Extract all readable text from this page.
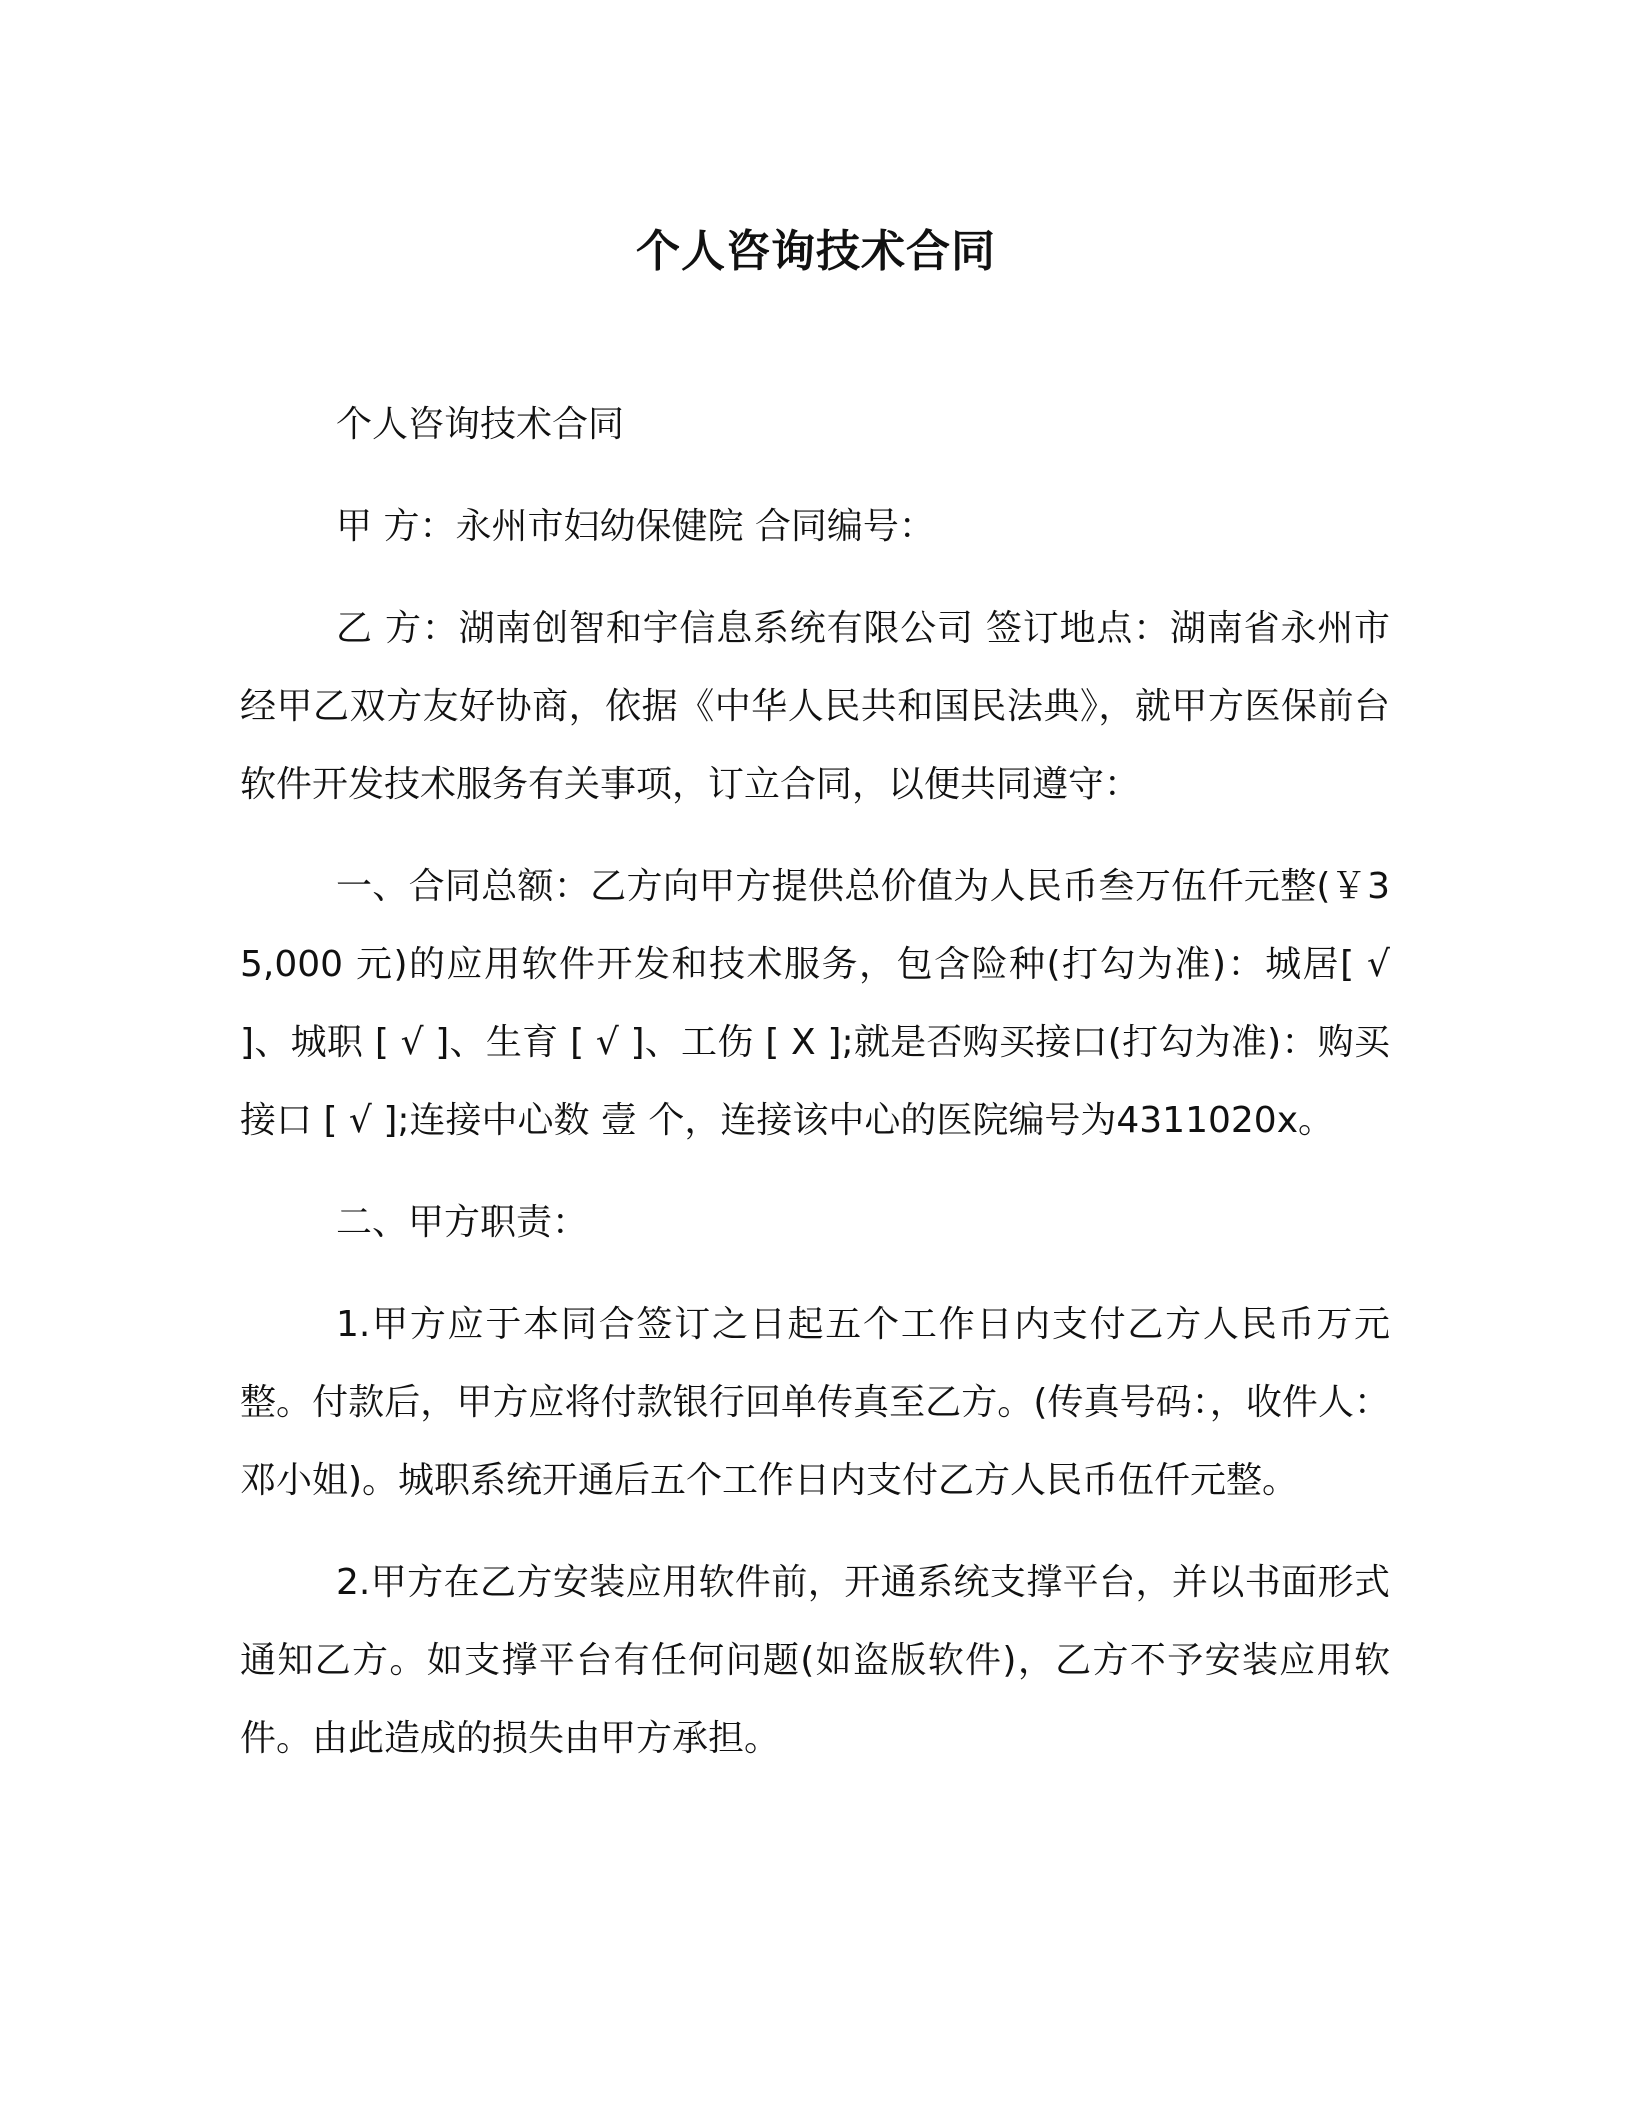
个人咨询技术合同

个人咨询技术合同

甲 方：永州市妇幼保健院 合同编号：

乙 方：湖南创智和宇信息系统有限公司 签订地点：湖南省永州市 经甲乙双方友好协商，依据《中华人民共和国民法典》，就甲方医保前台软件开发技术服务有关事项，订立合同，以便共同遵守：

一、合同总额：乙方向甲方提供总价值为人民币叁万伍仟元整(￥35,000 元)的应用软件开发和技术服务，包含险种(打勾为准)：城居[ √ ]、城职 [ √ ]、生育 [ √ ]、工伤 [ X ];就是否购买接口(打勾为准)：购买接口 [ √ ];连接中心数 壹 个，连接该中心的医院编号为4311020x。

二、甲方职责：

1.甲方应于本同合签订之日起五个工作日内支付乙方人民币万元整。付款后，甲方应将付款银行回单传真至乙方。(传真号码：，收件人：邓小姐)。城职系统开通后五个工作日内支付乙方人民币伍仟元整。

2.甲方在乙方安装应用软件前，开通系统支撑平台，并以书面形式通知乙方。如支撑平台有任何问题(如盗版软件)，乙方不予安装应用软件。由此造成的损失由甲方承担。
